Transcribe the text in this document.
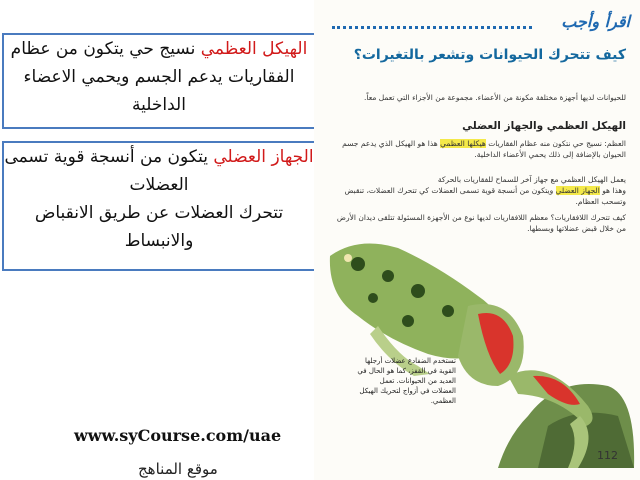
الهيكل العظمي نسيج حي يتكون من عظام الفقاريات يدعم الجسم ويحمي الاعضاء الداخلية
الجهاز العضلي يتكون من أنسجة قوية تسمى العضلات
تتحرك العضلات عن طريق الانقباض والانبساط
www.syCourse.com/uae
موقع المناهج
اقرأ وأجب
كيف تتحرك الحيوانات وتشعر بالتغيرات؟
للحيوانات لديها أجهزة مختلفة مكونة من الأعضاء. مجموعة من الأجزاء التي تعمل معاً.
الهيكل العظمي والجهاز العضلي
العظم: نسيج حي نتكون منه عظام الفقاريات هيكلها العظمي هذا هو الهيكل الذي يدعم جسم الحيوان بالإضافة إلى ذلك يحمي الأعضاء الداخلية.
يعمل الهيكل العظمي مع جهاز آخر للسماح للفقاريات بالحركة
وهذا هو الجهاز العضلي ويتكون من أنسجة قوية تسمى العضلات كي تتحرك العضلات، تنقبض وتسحب العظام.
كيف تتحرك اللافقاريات؟ معظم اللافقاريات لديها نوع من الأجهزة المسئولة تتلقى ديدان الأرض من خلال قبض عضلاتها وبسطها.
تستخدم الضفادع عضلات أرجلها القوية في القفز، كما هو الحال في العديد من الحيوانات. تعمل العضلات في أزواج لتحريك الهيكل العظمي.
112
